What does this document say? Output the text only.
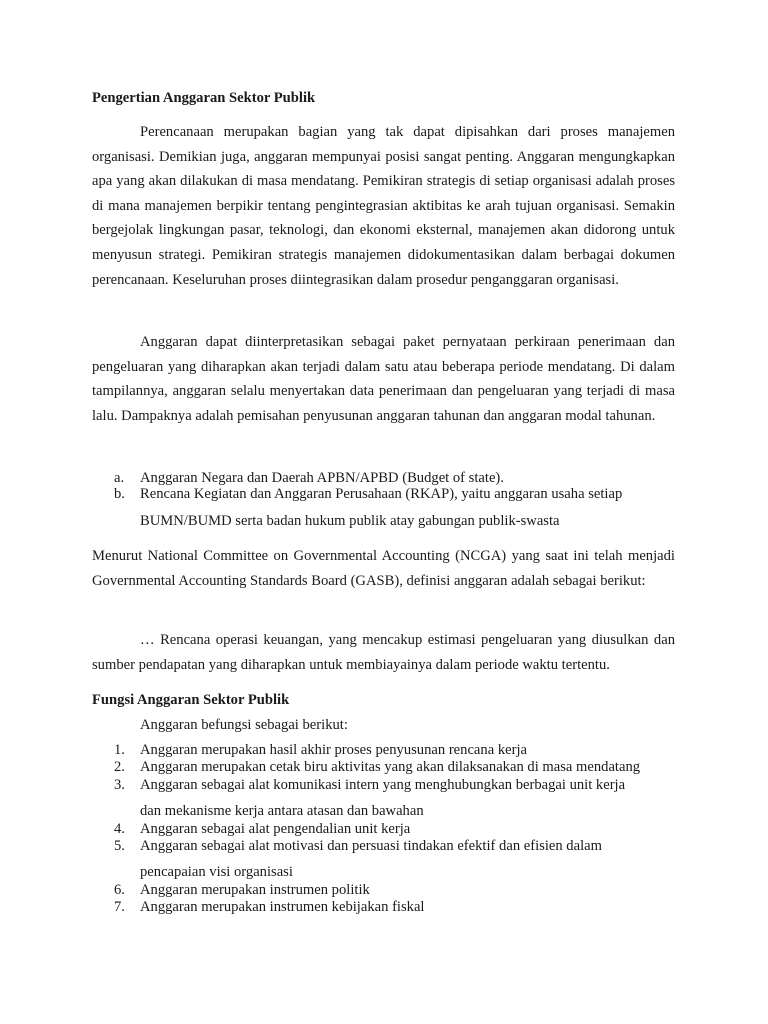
Pengertian Anggaran Sektor Publik

Perencanaan merupakan bagian yang tak dapat dipisahkan dari proses manajemen organisasi. Demikian juga, anggaran mempunyai posisi sangat penting. Anggaran mengungkapkan apa yang akan dilakukan di masa mendatang. Pemikiran strategis di setiap organisasi adalah proses di mana manajemen berpikir tentang pengintegrasian aktibitas ke arah tujuan organisasi. Semakin bergejolak lingkungan pasar, teknologi, dan ekonomi eksternal, manajemen akan didorong untuk menyusun strategi. Pemikiran strategis manajemen didokumentasikan dalam berbagai dokumen perencanaan. Keseluruhan proses diintegrasikan dalam prosedur penganggaran organisasi.

Anggaran dapat diinterpretasikan sebagai paket pernyataan perkiraan penerimaan dan pengeluaran yang diharapkan akan terjadi dalam satu atau beberapa periode mendatang. Di dalam tampilannya, anggaran selalu menyertakan data penerimaan dan pengeluaran yang terjadi di masa lalu. Dampaknya adalah pemisahan penyusunan anggaran tahunan dan anggaran modal tahunan.

a. Anggaran Negara dan Daerah APBN/APBD (Budget of state).
b. Rencana Kegiatan dan Anggaran Perusahaan (RKAP), yaitu anggaran usaha setiap
BUMN/BUMD serta badan hukum publik atay gabungan publik-swasta

Menurut National Committee on Governmental Accounting (NCGA) yang saat ini telah menjadi Governmental Accounting Standards Board (GASB), definisi anggaran adalah sebagai berikut:

… Rencana operasi keuangan, yang mencakup estimasi pengeluaran yang diusulkan dan sumber pendapatan yang diharapkan untuk membiayainya dalam periode waktu tertentu.

Fungsi Anggaran Sektor Publik

Anggaran befungsi sebagai berikut:

1. Anggaran merupakan hasil akhir proses penyusunan rencana kerja
2. Anggaran merupakan cetak biru aktivitas yang akan dilaksanakan di masa mendatang
3. Anggaran sebagai alat komunikasi intern yang menghubungkan berbagai unit kerja
dan mekanisme kerja antara atasan dan bawahan
4. Anggaran sebagai alat pengendalian unit kerja
5. Anggaran sebagai alat motivasi dan persuasi tindakan efektif dan efisien dalam
pencapaian visi organisasi
6. Anggaran merupakan instrumen politik
7. Anggaran merupakan instrumen kebijakan fiskal
